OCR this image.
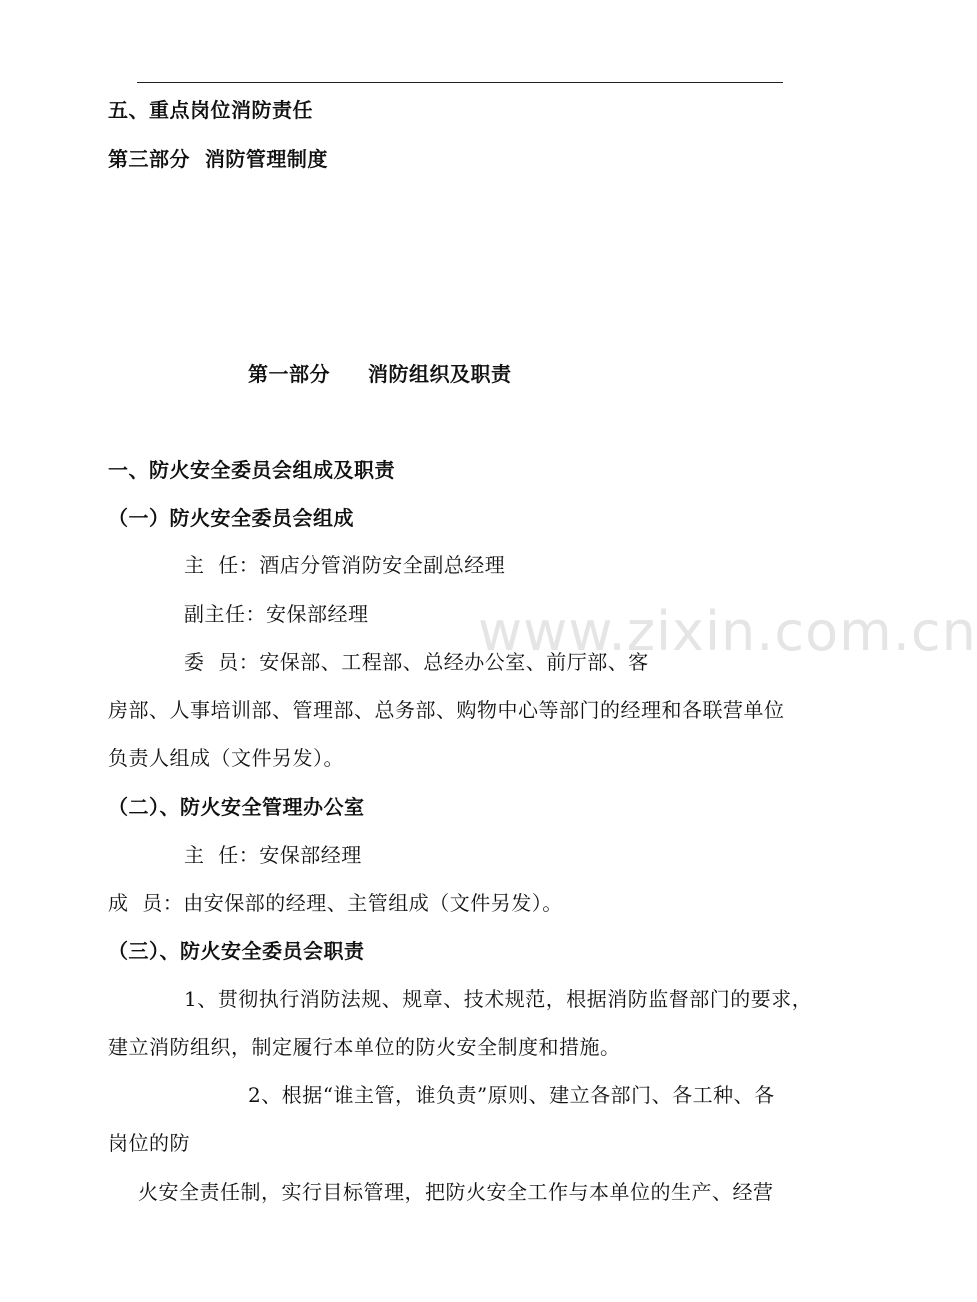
五、重点岗位消防责任
第三部分  消防管理制度
第一部分 消防组织及职责
一、防火安全委员会组成及职责
（一）防火安全委员会组成
主  任：酒店分管消防安全副总经理
副主任：安保部经理
委  员：安保部、工程部、总经办公室、前厅部、客
房部、人事培训部、管理部、总务部、购物中心等部门的经理和各联营单位
负责人组成（文件另发）。
（二）、防火安全管理办公室
主  任：安保部经理
成  员：由安保部的经理、主管组成（文件另发）。
（三）、防火安全委员会职责
1、贯彻执行消防法规、规章、技术规范，根据消防监督部门的要求，
建立消防组织，制定履行本单位的防火安全制度和措施。
2、根据“谁主管，谁负责”原则、建立各部门、各工种、各
岗位的防
火安全责任制，实行目标管理，把防火安全工作与本单位的生产、经营
www.zixin.com.cn
